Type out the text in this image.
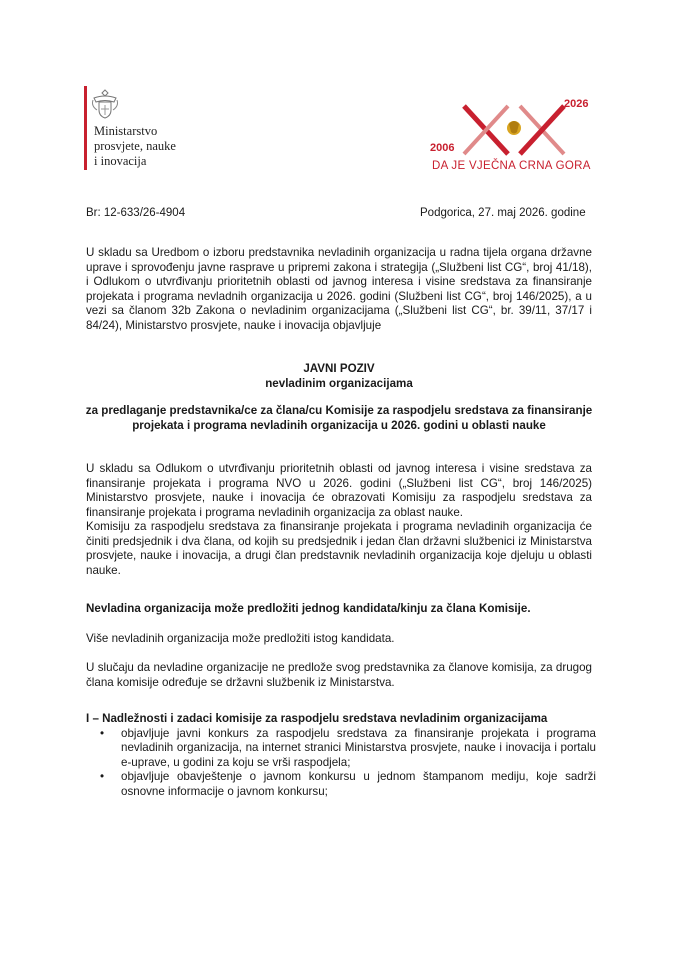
Ministarstvo
prosvjete, nauke
i inovacija
2026
2006
DA JE VJEČNA CRNA GORA
Br: 12-633/26-4904	Podgorica, 27. maj 2026. godine

U skladu sa Uredbom o izboru predstavnika nevladinih organizacija u radna tijela organa državne uprave i sprovođenju javne rasprave u pripremi zakona i strategija („Službeni list CG“, broj 41/18), i Odlukom o utvrđivanju prioritetnih oblasti od javnog interesa i visine sredstava za finansiranje projekata i programa nevladnih organizacija u 2026. godini (Službeni list CG“, broj 146/2025), a u vezi sa članom 32b Zakona o nevladinim organizacijama („Službeni list CG“, br. 39/11, 37/17 i 84/24), Ministarstvo prosvjete, nauke i inovacija objavljuje

JAVNI POZIV
nevladinim organizacijama
za predlaganje predstavnika/ce za člana/cu Komisije za raspodjelu sredstava za finansiranje projekata i programa nevladinih organizacija u 2026. godini u oblasti nauke

U skladu sa Odlukom o utvrđivanju prioritetnih oblasti od javnog interesa i visine sredstava za finansiranje projekata i programa NVO u 2026. godini („Službeni list CG“, broj 146/2025) Ministarstvo prosvjete, nauke i inovacija će obrazovati Komisiju za raspodjelu sredstava za finansiranje projekata i programa nevladinih organizacija za oblast nauke.

Komisiju za raspodjelu sredstava za finansiranje projekata i programa nevladinih organizacija će činiti predsjednik i dva člana, od kojih su predsjednik i jedan član državni službenici iz Ministarstva prosvjete, nauke i inovacija, a drugi član predstavnik nevladinih organizacija koje djeluju u oblasti nauke.

Nevladina organizacija može predložiti jednog kandidata/kinju za člana Komisije.

Više nevladinih organizacija može predložiti istog kandidata.

U slučaju da nevladine organizacije ne predlože svog predstavnika za članove komisija, za drugog člana komisije određuje se državni službenik iz Ministarstva.

I – Nadležnosti i zadaci komisije za raspodjelu sredstava nevladinim organizacijama
• objavljuje javni konkurs za raspodjelu sredstava za finansiranje projekata i programa nevladinih organizacija, na internet stranici Ministarstva prosvjete, nauke i inovacija i portalu e-uprave, u godini za koju se vrši raspodjela;
• objavljuje obavještenje o javnom konkursu u jednom štampanom mediju, koje sadrži osnovne informacije o javnom konkursu;
